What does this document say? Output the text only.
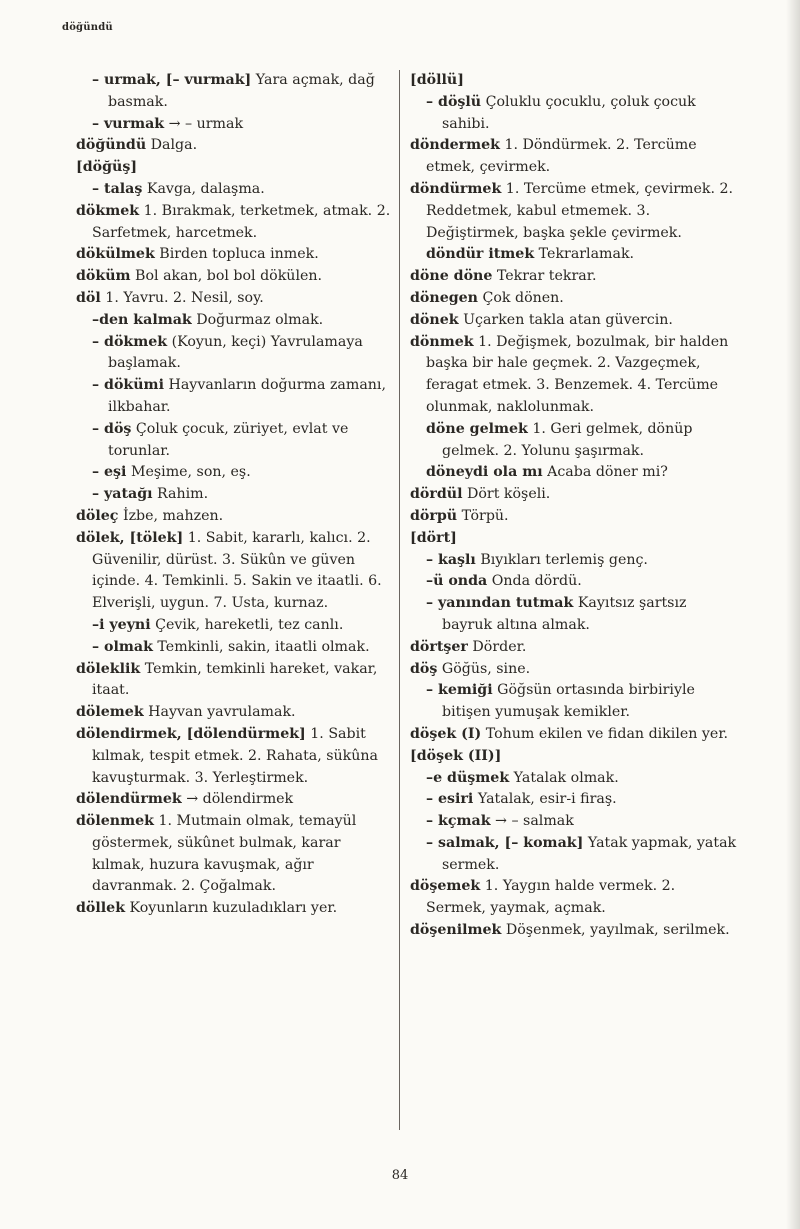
döğündü

– urmak, [– vurmak] Yara açmak, dağ basmak.

– vurmak → – urmak

döğündü Dalga.

[döğüş]

– talaş Kavga, dalaşma.

dökmek 1. Bırakmak, terketmek, atmak. 2. Sarfetmek, harcetmek.

dökülmek Birden topluca inmek.

döküm Bol akan, bol bol dökülen.

döl 1. Yavru. 2. Nesil, soy.

–den kalmak Doğurmaz olmak.

– dökmek (Koyun, keçi) Yavrulamaya başlamak.

– dökümi Hayvanların doğurma zamanı, ilkbahar.

– döş Çoluk çocuk, züriyet, evlat ve torunlar.

– eşi Meşime, son, eş.

– yatağı Rahim.

döleç İzbe, mahzen.

dölek, [tölek] 1. Sabit, kararlı, kalıcı. 2. Güvenilir, dürüst. 3. Sükûn ve güven içinde. 4. Temkinli. 5. Sakin ve itaatli. 6. Elverişli, uygun. 7. Usta, kurnaz.

–i yeyni Çevik, hareketli, tez canlı.

– olmak Temkinli, sakin, itaatli olmak.

döleklik Temkin, temkinli hareket, vakar, itaat.

dölemek Hayvan yavrulamak.

dölendirmek, [dölendürmek] 1. Sabit kılmak, tespit etmek. 2. Rahata, sükûna kavuşturmak. 3. Yerleştirmek.

dölendürmek → dölendirmek

dölenmek 1. Mutmain olmak, temayül göstermek, sükûnet bulmak, karar kılmak, huzura kavuşmak, ağır davranmak. 2. Çoğalmak.

döllek Koyunların kuzuladıkları yer.

[döllü]

– döşlü Çoluklu çocuklu, çoluk çocuk sahibi.

döndermek 1. Döndürmek. 2. Tercüme etmek, çevirmek.

döndürmek 1. Tercüme etmek, çevirmek. 2. Reddetmek, kabul etmemek. 3. Değiştirmek, başka şekle çevirmek.

döndür itmek Tekrarlamak.

döne döne Tekrar tekrar.

dönegen Çok dönen.

dönek Uçarken takla atan güvercin.

dönmek 1. Değişmek, bozulmak, bir halden başka bir hale geçmek. 2. Vazgeçmek, feragat etmek. 3. Benzemek. 4. Tercüme olunmak, naklolunmak.

döne gelmek 1. Geri gelmek, dönüp gelmek. 2. Yolunu şaşırmak.

döneydi ola mı Acaba döner mi?

dördül Dört köşeli.

dörpü Törpü.

[dört]

– kaşlı Bıyıkları terlemiş genç.

–ü onda Onda dördü.

– yanından tutmak Kayıtsız şartsız bayruk altına almak.

dörtşer Dörder.

döş Göğüs, sine.

– kemiği Göğsün ortasında birbiriyle bitişen yumuşak kemikler.

döşek (I) Tohum ekilen ve fidan dikilen yer.

[döşek (II)]

–e düşmek Yatalak olmak.

– esiri Yatalak, esir-i firaş.

– kçmak → – salmak

– salmak, [– komak] Yatak yapmak, yatak sermek.

döşemek 1. Yaygın halde vermek. 2. Sermek, yaymak, açmak.

döşenilmek Döşenmek, yayılmak, serilmek.

84
